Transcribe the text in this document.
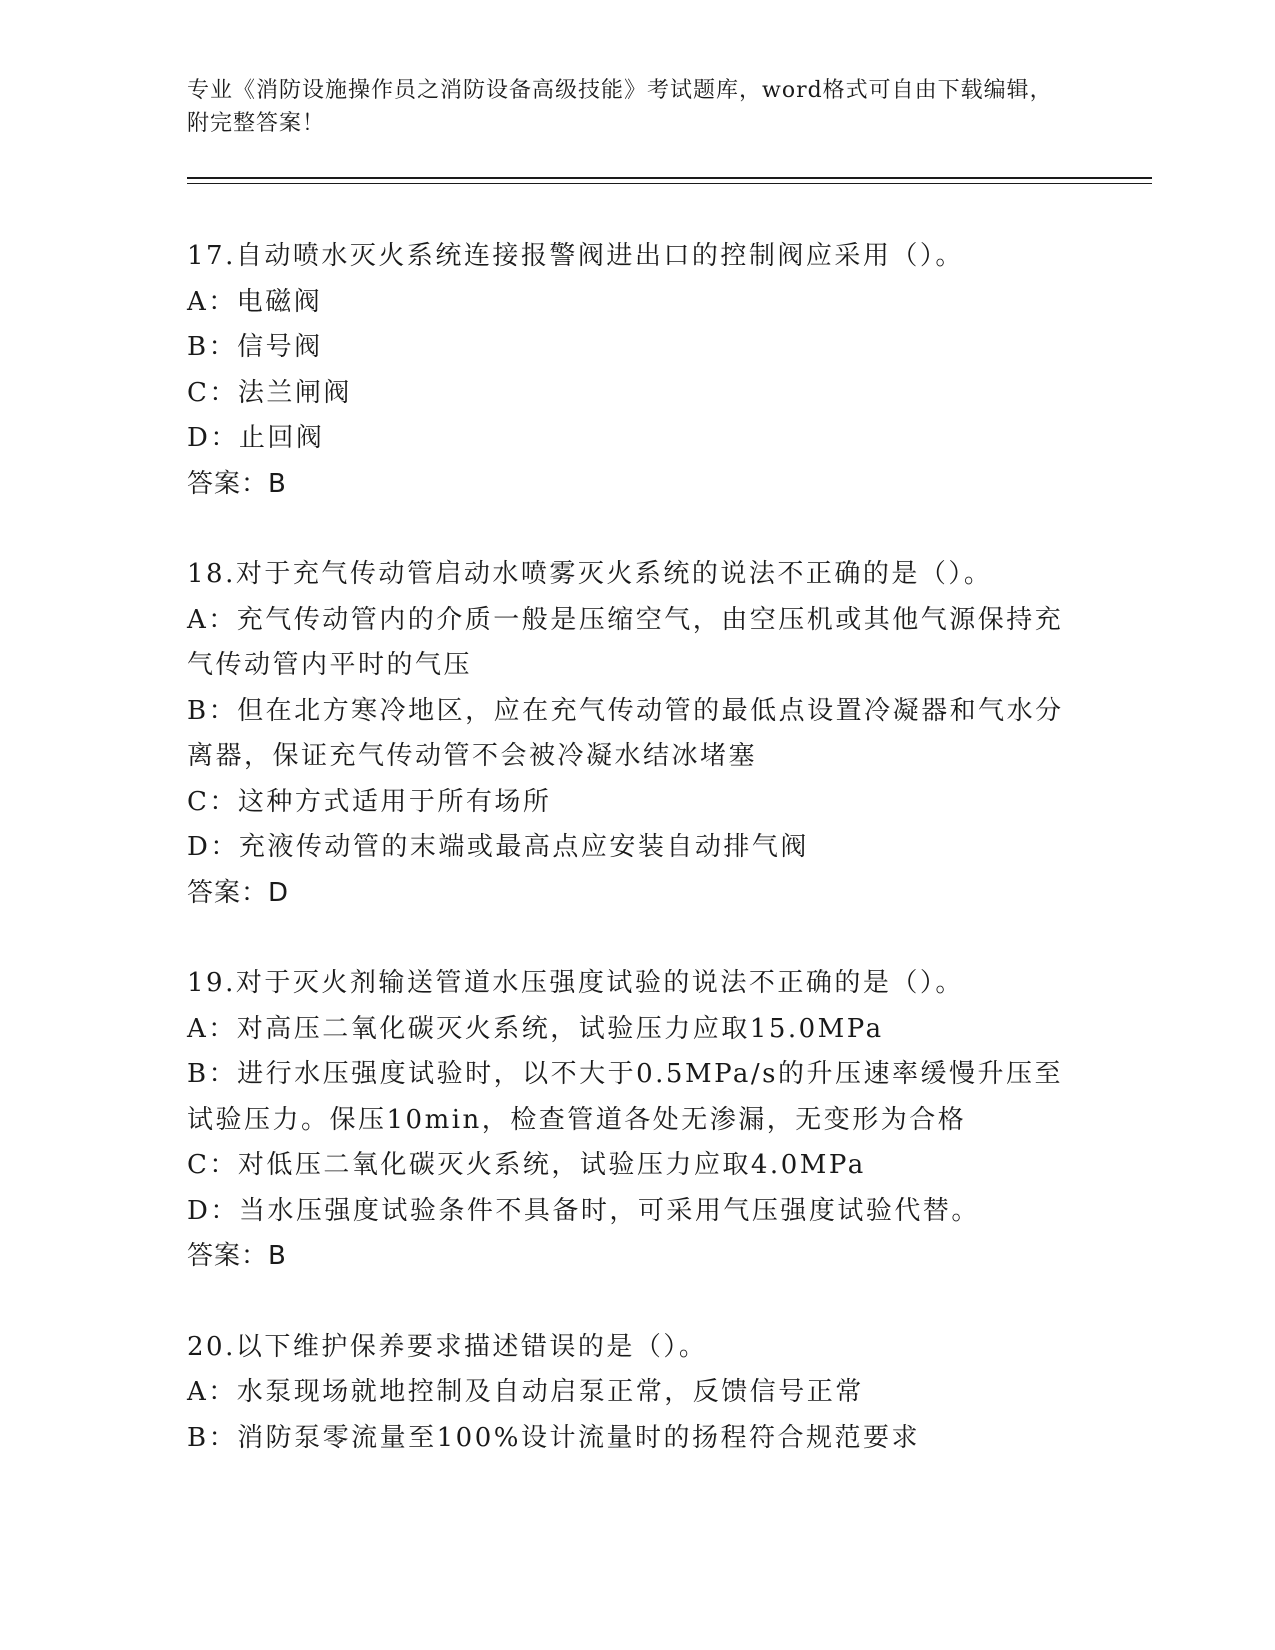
专业《消防设施操作员之消防设备高级技能》考试题库，word格式可自由下载编辑，附完整答案！
17.自动喷水灭火系统连接报警阀进出口的控制阀应采用（）。
A：电磁阀
B：信号阀
C：法兰闸阀
D：止回阀
答案：B
18.对于充气传动管启动水喷雾灭火系统的说法不正确的是（）。
A：充气传动管内的介质一般是压缩空气，由空压机或其他气源保持充气传动管内平时的气压
B：但在北方寒冷地区，应在充气传动管的最低点设置冷凝器和气水分离器，保证充气传动管不会被冷凝水结冰堵塞
C：这种方式适用于所有场所
D：充液传动管的末端或最高点应安装自动排气阀
答案：D
19.对于灭火剂输送管道水压强度试验的说法不正确的是（）。
A：对高压二氧化碳灭火系统，试验压力应取15.0MPa
B：进行水压强度试验时，以不大于0.5MPa/s的升压速率缓慢升压至试验压力。保压10min，检查管道各处无渗漏，无变形为合格
C：对低压二氧化碳灭火系统，试验压力应取4.0MPa
D：当水压强度试验条件不具备时，可采用气压强度试验代替。
答案：B
20.以下维护保养要求描述错误的是（）。
A：水泵现场就地控制及自动启泵正常，反馈信号正常
B：消防泵零流量至100%设计流量时的扬程符合规范要求
